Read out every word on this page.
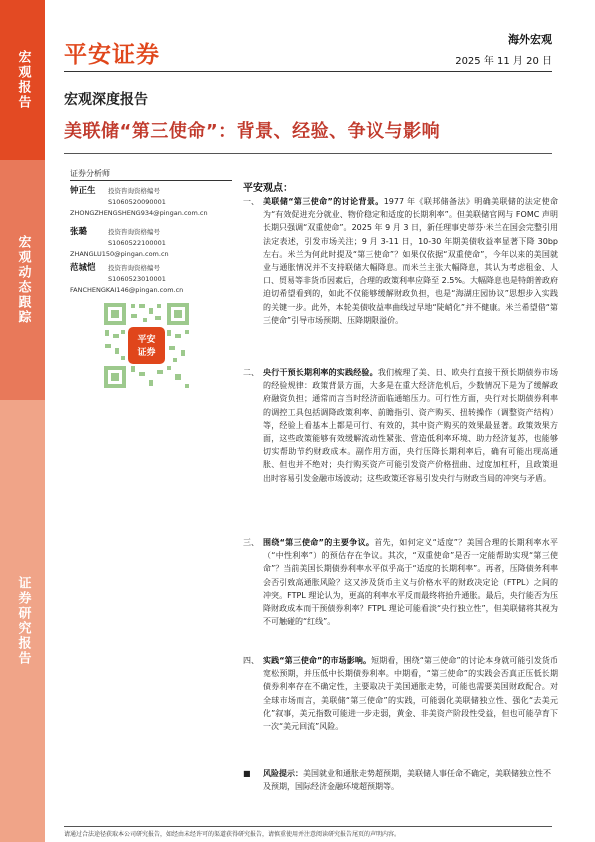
宏观报告
宏观动态跟踪
证券研究报告
平安证券
海外宏观
2025 年 11 月 20 日
宏观深度报告
美联储“第三使命”：背景、经验、争议与影响
证券分析师
钟正生 投资咨询资格编号
S1060520090001
ZHONGZHENGSHENG934@pingan.com.cn
张璐	投资咨询资格编号
S1060522100001
ZHANGLU150@pingan.com.cn
范城恺 投资咨询资格编号
S1060523010001
FANCHENGKAI146@pingan.com.cn
平安
证券
平安观点：
一、 美联储“第三使命”的讨论背景。1977 年《联邦储备法》明确美联储的法定使命为“有效促进充分就业、物价稳定和适度的长期利率”。但美联储官网与 FOMC 声明长期只强调“双重使命”。2025 年 9 月 3 日，新任理事史蒂芬·米兰在国会完整引用法定表述，引发市场关注；9 月 3-11 日，10-30 年期美债收益率显著下降 30bp 左右。米兰为何此时提及“第三使命”？如果仅依据“双重使命”，今年以来的美国就业与通胀情况并不支持联储大幅降息。而米兰主张大幅降息，其认为考虑租金、人口、贸易等非货币因素后，合理的政策利率应降至 2.5%。大幅降息也是特朗普政府迫切希望看到的，如此不仅能够缓解财政负担，也是“海湖庄园协议”思想步入实践的关键一步。此外，本轮美债收益率曲线过早地“陡峭化”并不健康。米兰希望借“第三使命”引导市场预期、压降期限溢价。
二、 央行干预长期利率的实践经验。我们梳理了美、日、欧央行直接干预长期债券市场的经验规律：政策背景方面，大多是在重大经济危机后，少数情况下是为了缓解政府融资负担；通常而言当时经济面临通缩压力。可行性方面，央行对长期债券利率的调控工具包括调降政策利率、前瞻指引、资产购买、扭转操作（调整资产结构）等，经验上看基本上都是可行、有效的，其中资产购买的效果最显著。政策效果方面，这些政策能够有效缓解流动性紧张、营造低利率环境、助力经济复苏，也能够切实帮助节约财政成本。副作用方面，央行压降长期利率后，确有可能出现高通胀、但也并不绝对；央行购买资产可能引发资产价格扭曲、过度加杠杆，且政策退出时容易引发金融市场波动；这些政策还容易引发央行与财政当局的冲突与矛盾。
三、 围绕“第三使命”的主要争议。首先，如何定义“适度”？美国合理的长期利率水平（“中性利率”）的预估存在争议。其次，“双重使命”是否一定能帮助实现“第三使命”？当前美国长期债券利率水平似乎高于“适度的长期利率”。再者，压降债务利率会否引致高通胀风险？这又涉及货币主义与价格水平的财政决定论（FTPL）之间的冲突。FTPL 理论认为，更高的利率水平反而最终将抬升通胀。最后，央行能否为压降财政成本而干预债券利率？FTPL 理论可能看淡“央行独立性”，但美联储将其视为不可触碰的“红线”。
四、 实践“第三使命”的市场影响。短期看，围绕“第三使命”的讨论本身就可能引发货币宽松预期，并压低中长期债券利率。中期看，“第三使命”的实践会否真正压低长期债券利率存在不确定性，主要取决于美国通胀走势，可能也需要美国财政配合。对全球市场而言，美联储“第三使命”的实践，可能弱化美联储独立性、强化“去美元化”叙事，美元指数可能进一步走弱，黄金、非美资产阶段性受益，但也可能孕育下一次“美元回流”风险。
■ 风险提示：美国就业和通胀走势超预期，美联储人事任命不确定，美联储独立性不及预期，国际经济金融环境超预期等。
请通过合法途径获取本公司研究报告，如经由未经许可的渠道获得研究报告，请慎重使用并注意阅读研究报告尾页的声明内容。
